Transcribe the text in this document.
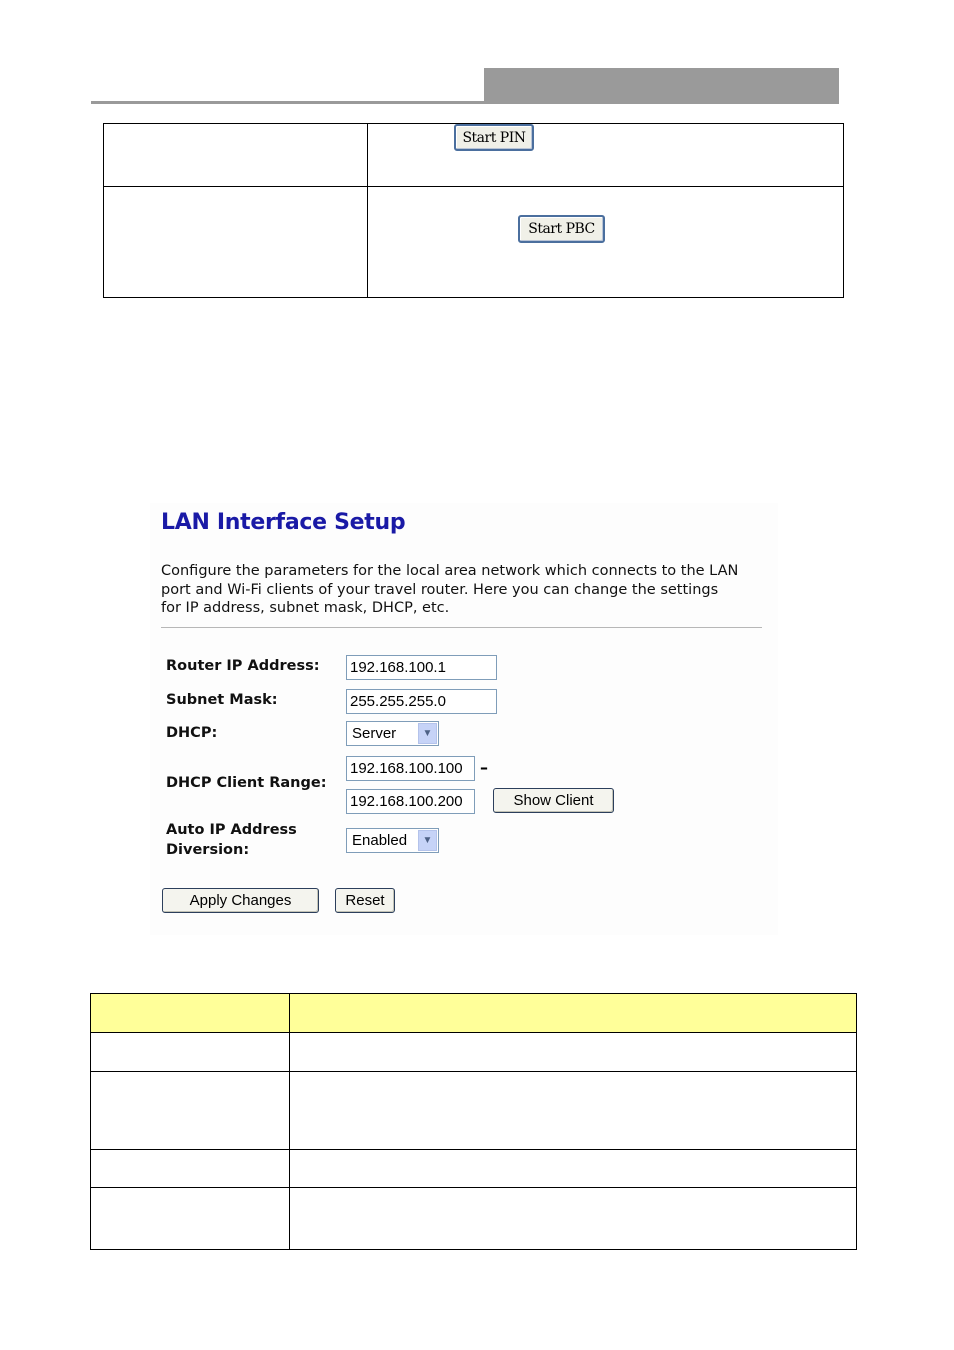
Start PIN
Start PBC
LAN Interface Setup
Configure the parameters for the local area network which connects to the LAN
port and Wi-Fi clients of your travel router. Here you can change the settings
for IP address, subnet mask, DHCP, etc.
Router IP Address: 192.168.100.1
Subnet Mask:	255.255.255.0
DHCP:	Server	▼
DHCP Client Range:
192.168.100.100	–
192.168.100.200	Show Client
Auto IP Address
Diversion:
Enabled	▼
Apply Changes	Reset
